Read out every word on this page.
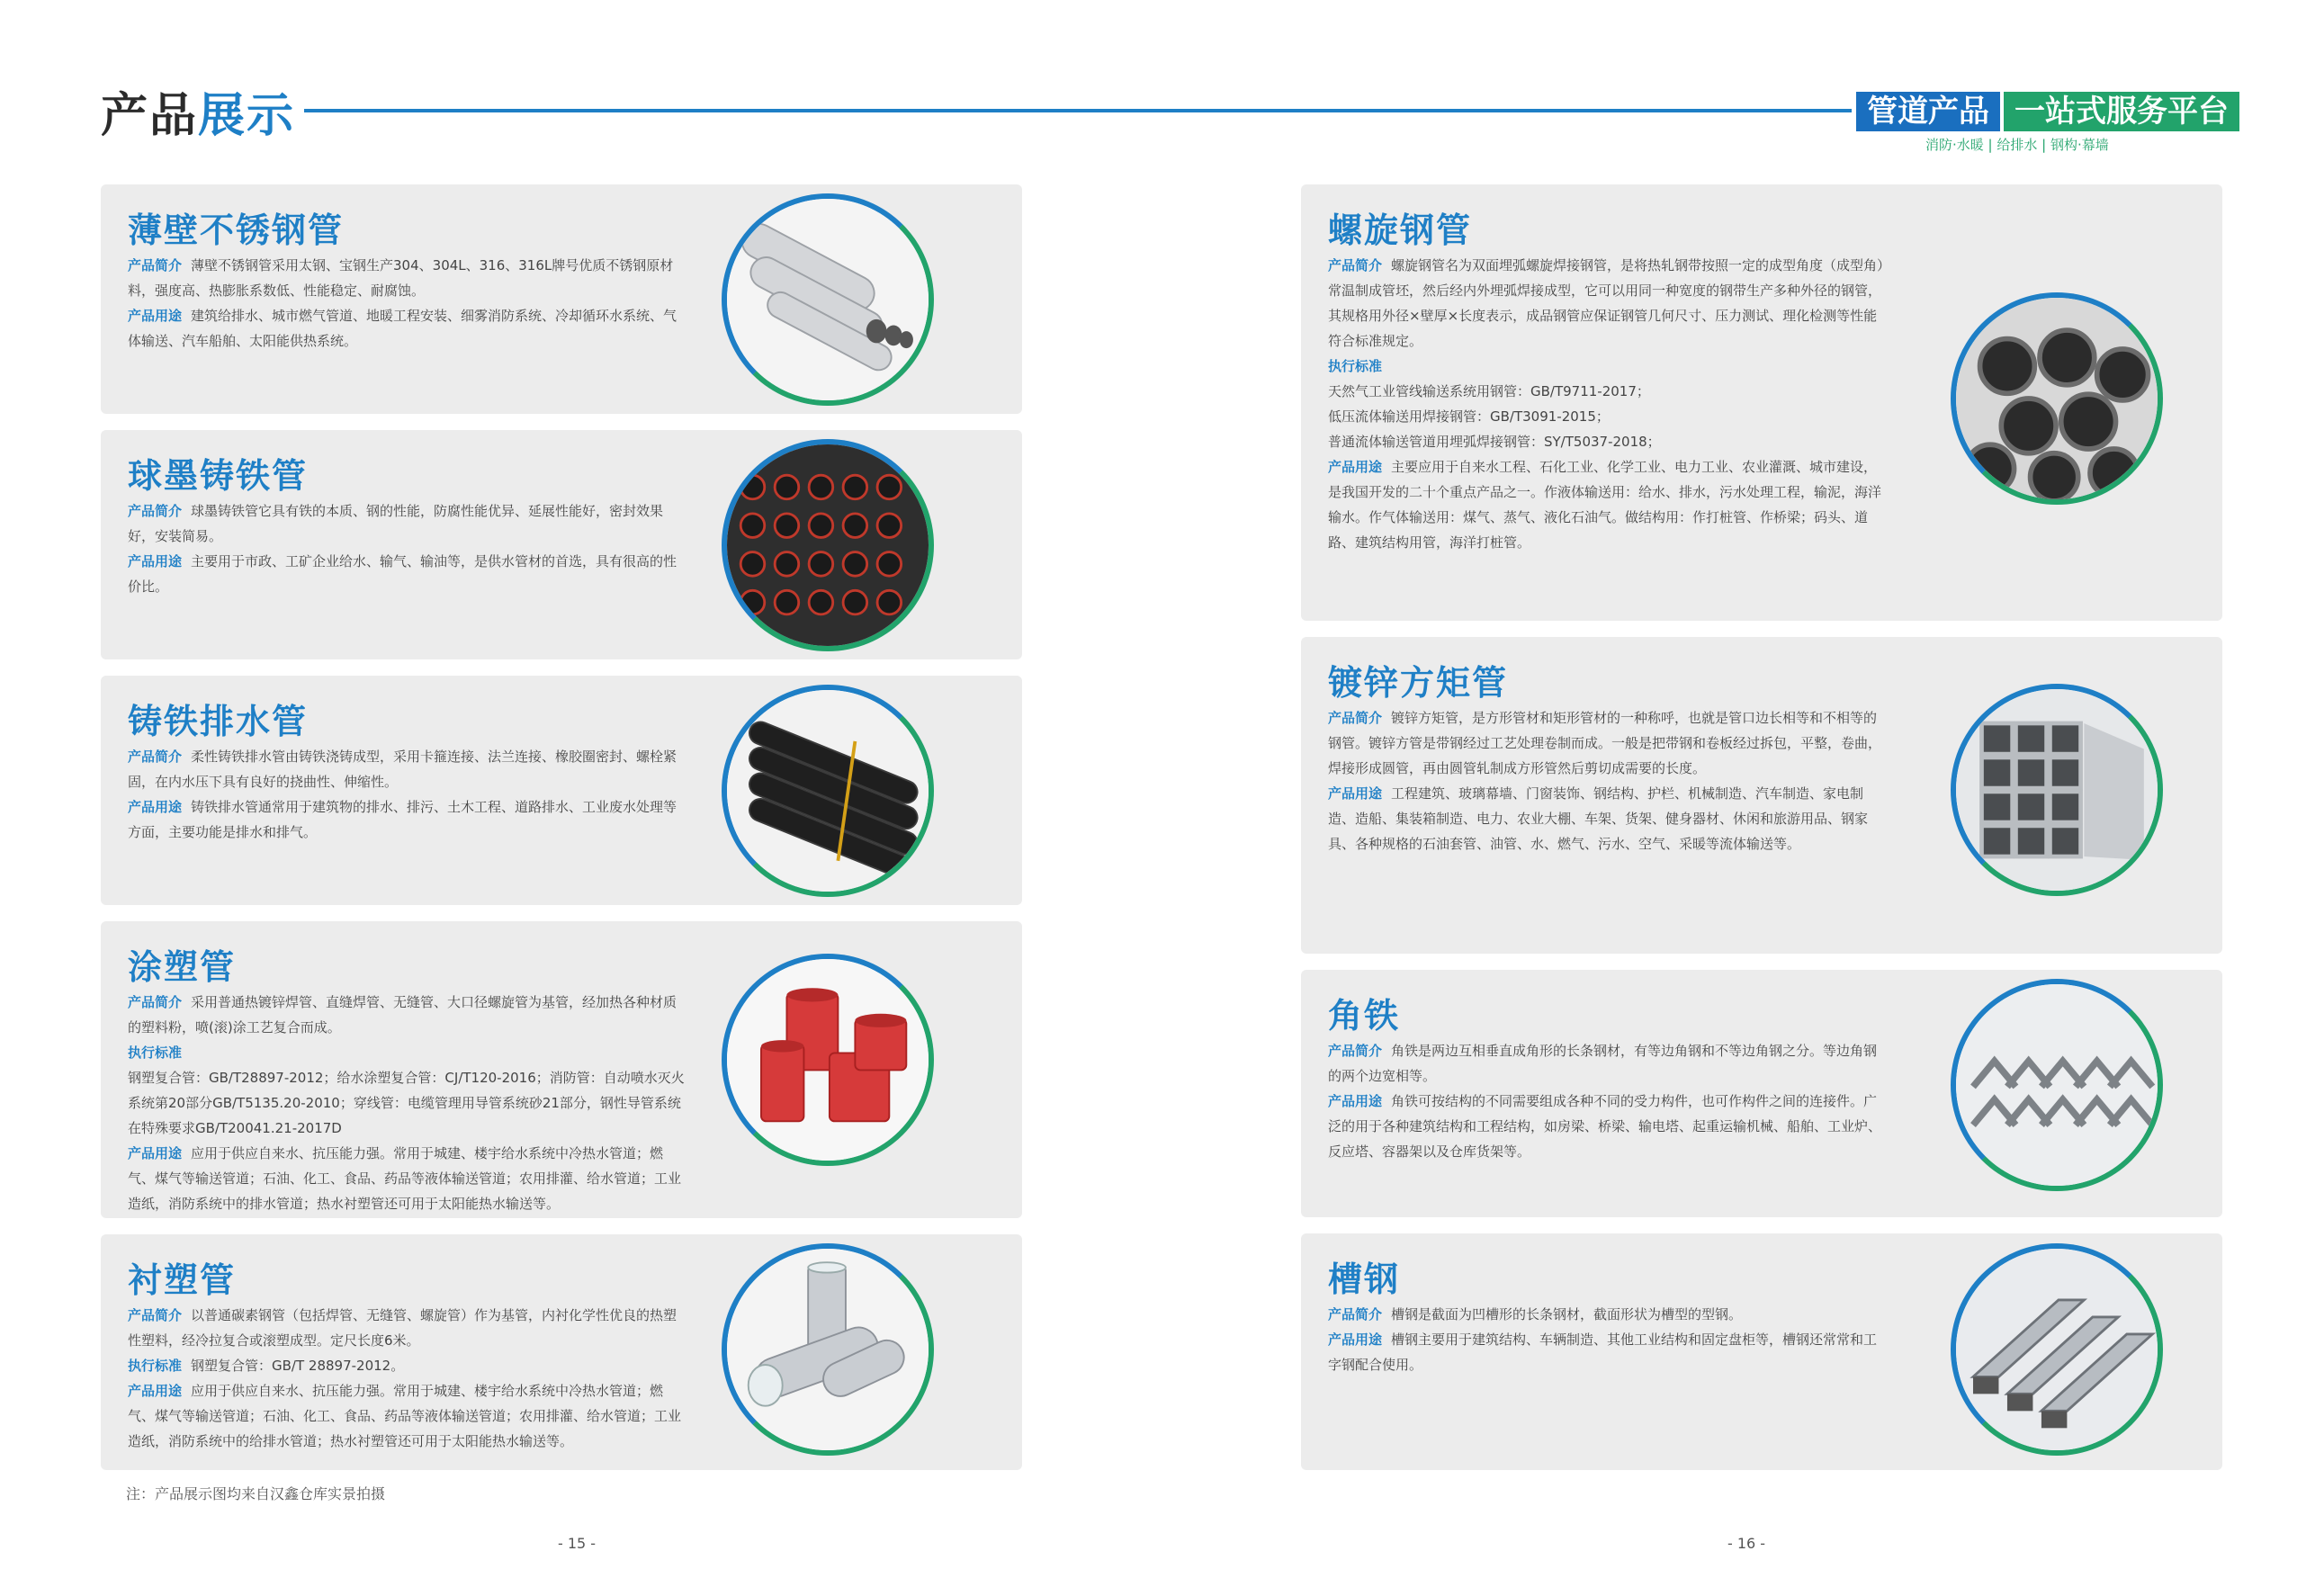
产品展示	管道产品 一站式服务平台
消防·水暖 | 给排水 | 钢构·幕墙
薄壁不锈钢管
产品简介 薄壁不锈钢管采用太钢、宝钢生产304、304L、316、316L牌号优质不锈钢原材料，强度高、热膨胀系数低、性能稳定、耐腐蚀。
产品用途 建筑给排水、城市燃气管道、地暖工程安装、细雾消防系统、冷却循环水系统、气体输送、汽车船舶、太阳能供热系统。
球墨铸铁管
产品简介 球墨铸铁管它具有铁的本质、钢的性能，防腐性能优异、延展性能好，密封效果好，安装简易。
产品用途 主要用于市政、工矿企业给水、输气、输油等，是供水管材的首选，具有很高的性价比。
铸铁排水管
产品简介 柔性铸铁排水管由铸铁浇铸成型，采用卡箍连接、法兰连接、橡胶圈密封、螺栓紧固，在内水压下具有良好的挠曲性、伸缩性。
产品用途 铸铁排水管通常用于建筑物的排水、排污、土木工程、道路排水、工业废水处理等方面，主要功能是排水和排气。
涂塑管
产品简介 采用普通热镀锌焊管、直缝焊管、无缝管、大口径螺旋管为基管，经加热各种材质的塑料粉，喷(滚)涂工艺复合而成。
执行标准
钢塑复合管：GB/T28897-2012；给水涂塑复合管：CJ/T120-2016；消防管：自动喷水灭火系统第20部分GB/T5135.20-2010；穿线管：电缆管理用导管系统砂21部分，钢性导管系统在特殊要求GB/T20041.21-2017D
产品用途 应用于供应自来水、抗压能力强。常用于城建、楼宇给水系统中冷热水管道；燃气、煤气等输送管道；石油、化工、食品、药品等液体输送管道；农用排灌、给水管道；工业造纸，消防系统中的排水管道；热水衬塑管还可用于太阳能热水输送等。
衬塑管
产品简介 以普通碳素钢管（包括焊管、无缝管、螺旋管）作为基管，内衬化学性优良的热塑性塑料，经冷拉复合或滚塑成型。定尺长度6米。
执行标准 钢塑复合管：GB/T 28897-2012。
产品用途 应用于供应自来水、抗压能力强。常用于城建、楼宇给水系统中冷热水管道；燃气、煤气等输送管道；石油、化工、食品、药品等液体输送管道；农用排灌、给水管道；工业造纸，消防系统中的给排水管道；热水衬塑管还可用于太阳能热水输送等。
注：产品展示图均来自汉鑫仓库实景拍摄
- 15 -
螺旋钢管
产品简介 螺旋钢管名为双面埋弧螺旋焊接钢管，是将热轧钢带按照一定的成型角度（成型角）常温制成管坯，然后经内外埋弧焊接成型，它可以用同一种宽度的钢带生产多种外径的钢管，其规格用外径×壁厚×长度表示，成品钢管应保证钢管几何尺寸、压力测试、理化检测等性能符合标准规定。
执行标准
天然气工业管线输送系统用钢管：GB/T9711-2017；
低压流体输送用焊接钢管：GB/T3091-2015；
普通流体输送管道用埋弧焊接钢管：SY/T5037-2018；
产品用途 主要应用于自来水工程、石化工业、化学工业、电力工业、农业灌溉、城市建设，是我国开发的二十个重点产品之一。作液体输送用：给水、排水，污水处理工程，输泥，海洋输水。作气体输送用：煤气、蒸气、液化石油气。做结构用：作打桩管、作桥梁；码头、道路、建筑结构用管，海洋打桩管。
镀锌方矩管
产品简介 镀锌方矩管，是方形管材和矩形管材的一种称呼，也就是管口边长相等和不相等的钢管。镀锌方管是带钢经过工艺处理卷制而成。一般是把带钢和卷板经过拆包，平整，卷曲，焊接形成圆管，再由圆管轧制成方形管然后剪切成需要的长度。
产品用途 工程建筑、玻璃幕墙、门窗装饰、钢结构、护栏、机械制造、汽车制造、家电制造、造船、集装箱制造、电力、农业大棚、车架、货架、健身器材、休闲和旅游用品、钢家具、各种规格的石油套管、油管、水、燃气、污水、空气、采暖等流体输送等。
角铁
产品简介 角铁是两边互相垂直成角形的长条钢材，有等边角钢和不等边角钢之分。等边角钢的两个边宽相等。
产品用途 角铁可按结构的不同需要组成各种不同的受力构件，也可作构件之间的连接件。广泛的用于各种建筑结构和工程结构，如房梁、桥梁、输电塔、起重运输机械、船舶、工业炉、反应塔、容器架以及仓库货架等。
槽钢
产品简介 槽钢是截面为凹槽形的长条钢材，截面形状为槽型的型钢。
产品用途 槽钢主要用于建筑结构、车辆制造、其他工业结构和固定盘柜等，槽钢还常常和工字钢配合使用。
- 16 -
